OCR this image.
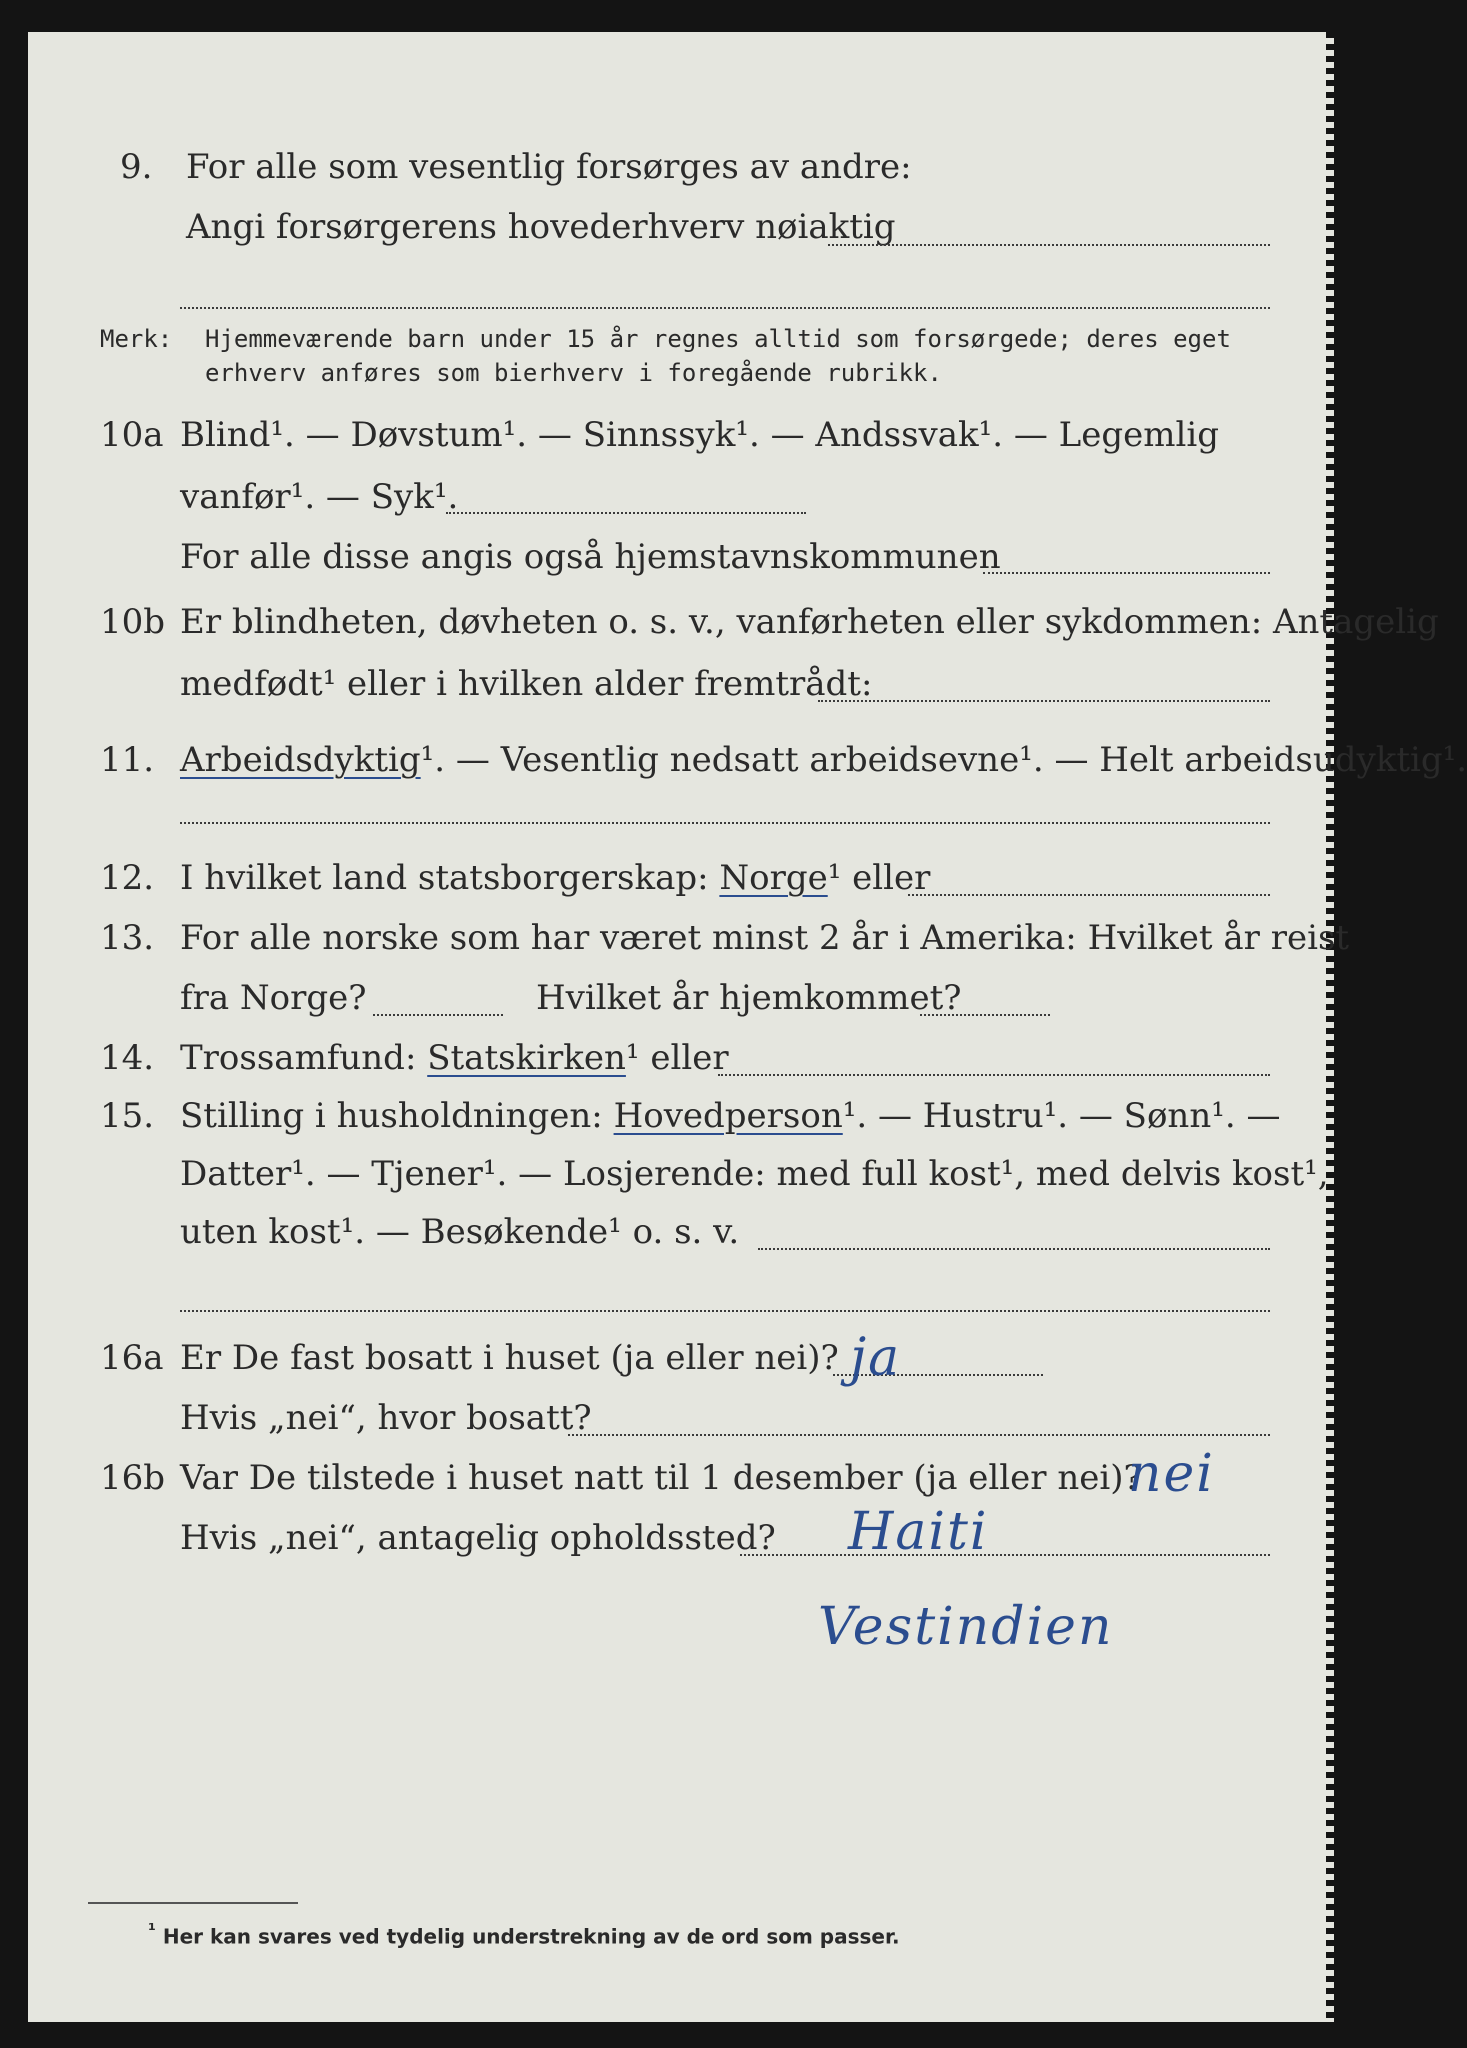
9. For alle som vesentlig forsørges av andre:
Angi forsørgerens hovederhverv nøiaktig
Merk: Hjemmeværende barn under 15 år regnes alltid som forsørgede; deres eget erhverv anføres som bierhverv i foregående rubrikk.
10a Blind¹. — Døvstum¹. — Sinnssyk¹. — Andssvak¹. — Legemlig
vanfør¹. — Syk¹.
For alle disse angis også hjemstavnskommunen
10b Er blindheten, døvheten o. s. v., vanførheten eller sykdommen: Antagelig
medfødt¹ eller i hvilken alder fremtrådt:
11. Arbeidsdyktig¹. — Vesentlig nedsatt arbeidsevne¹. — Helt arbeidsudyktig¹.
12. I hvilket land statsborgerskap: Norge¹ eller
13. For alle norske som har været minst 2 år i Amerika: Hvilket år reist
fra Norge?	Hvilket år hjemkommet?
14. Trossamfund: Statskirken¹ eller
15. Stilling i husholdningen: Hovedperson¹. — Hustru¹. — Sønn¹. —
Datter¹. — Tjener¹. — Losjerende: med full kost¹, med delvis kost¹,
uten kost¹. — Besøkende¹ o. s. v.
16a Er De fast bosatt i huset (ja eller nei)? ja
Hvis „nei“, hvor bosatt?
16b Var De tilstede i huset natt til 1 desember (ja eller nei)?
nei
Hvis „nei“, antagelig opholdssted? Haiti
Vestindien
¹ Her kan svares ved tydelig understrekning av de ord som passer.
